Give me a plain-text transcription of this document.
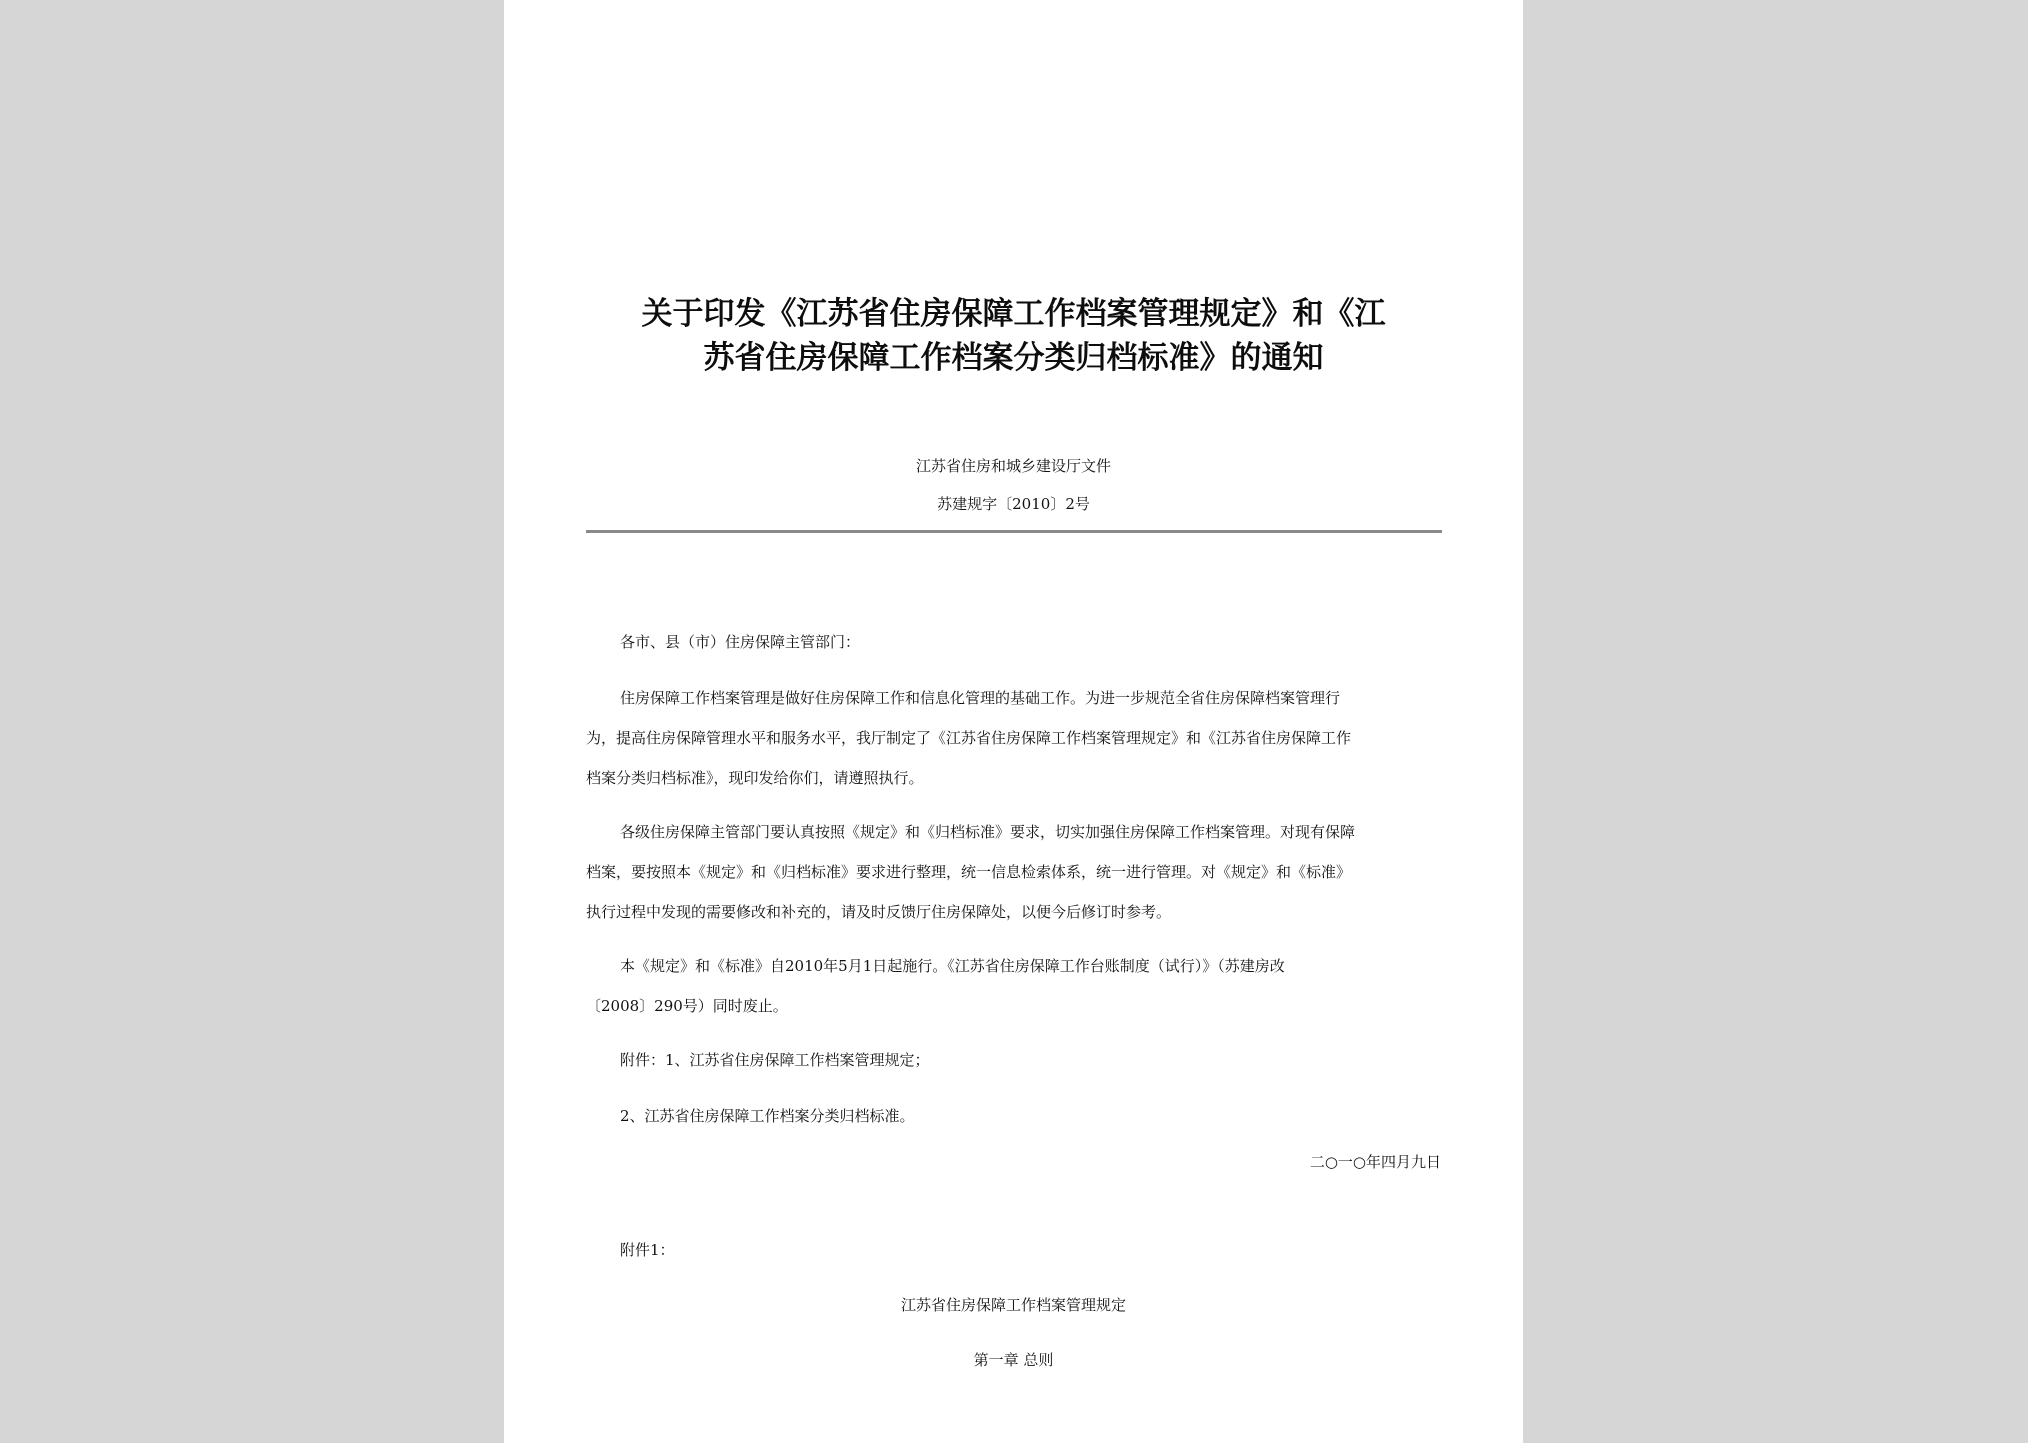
关于印发《江苏省住房保障工作档案管理规定》和《江
苏省住房保障工作档案分类归档标准》的通知
江苏省住房和城乡建设厅文件
苏建规字〔2010〕2号
各市、县（市）住房保障主管部门：
住房保障工作档案管理是做好住房保障工作和信息化管理的基础工作。为进一步规范全省住房保障档案管理行
为，提高住房保障管理水平和服务水平，我厅制定了《江苏省住房保障工作档案管理规定》和《江苏省住房保障工作
档案分类归档标准》，现印发给你们，请遵照执行。
各级住房保障主管部门要认真按照《规定》和《归档标准》要求，切实加强住房保障工作档案管理。对现有保障
档案，要按照本《规定》和《归档标准》要求进行整理，统一信息检索体系，统一进行管理。对《规定》和《标准》
执行过程中发现的需要修改和补充的，请及时反馈厅住房保障处，以便今后修订时参考。
本《规定》和《标准》自2010年5月1日起施行。《江苏省住房保障工作台账制度（试行）》（苏建房改
〔2008〕290号）同时废止。
附件：1、江苏省住房保障工作档案管理规定；
2、江苏省住房保障工作档案分类归档标准。
二○一○年四月九日
附件1：
江苏省住房保障工作档案管理规定
第一章 总则
